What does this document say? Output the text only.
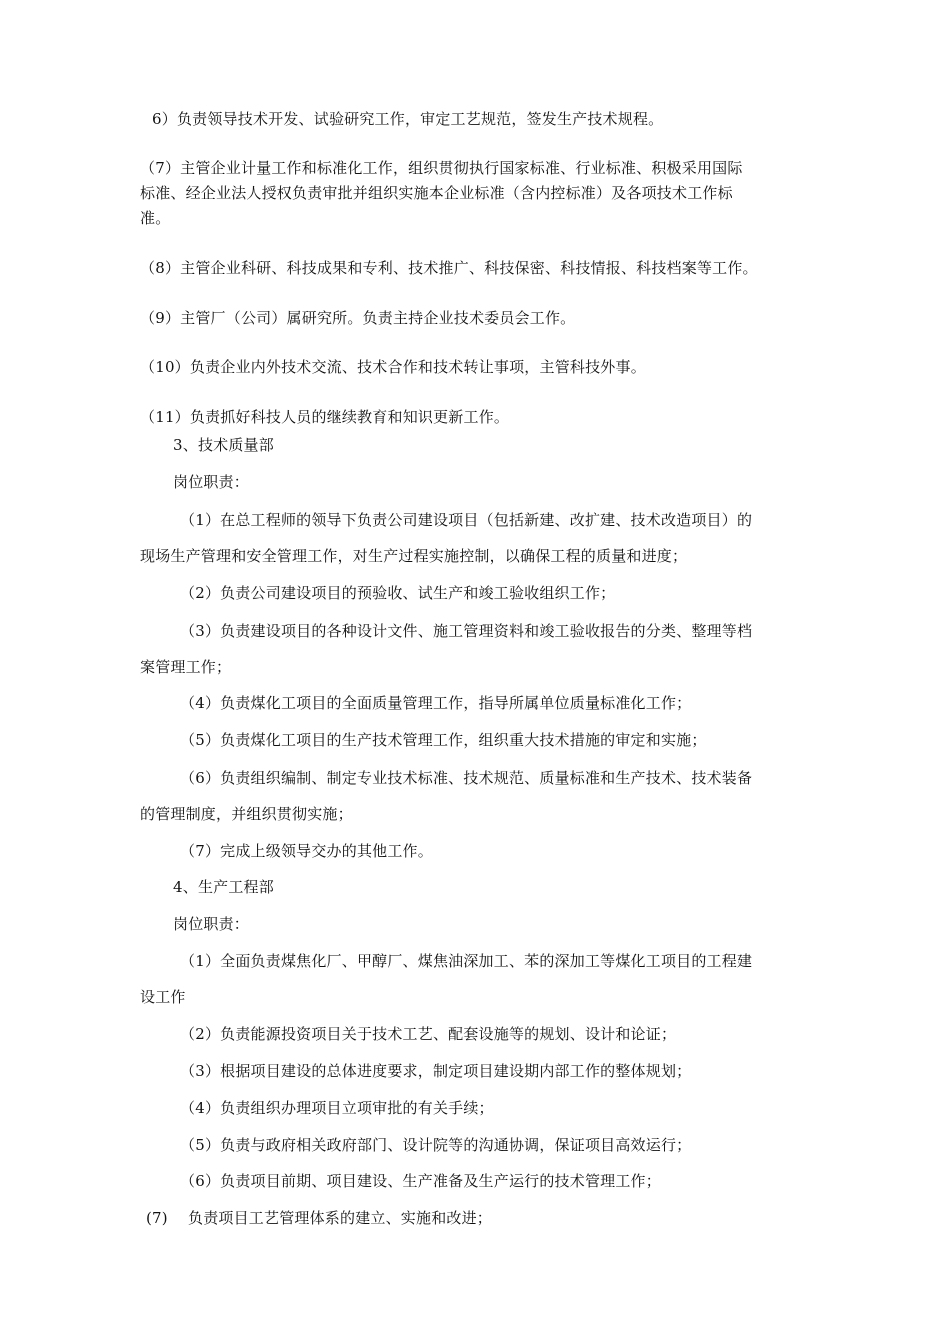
6）负责领导技术开发、试验研究工作，审定工艺规范，签发生产技术规程。
（7）主管企业计量工作和标准化工作，组织贯彻执行国家标准、行业标准、积极采用国际
标准、经企业法人授权负责审批并组织实施本企业标准（含内控标准）及各项技术工作标
准。
（8）主管企业科研、科技成果和专利、技术推广、科技保密、科技情报、科技档案等工作。
（9）主管厂（公司）属研究所。负责主持企业技术委员会工作。
（10）负责企业内外技术交流、技术合作和技术转让事项，主管科技外事。
（11）负责抓好科技人员的继续教育和知识更新工作。
3、技术质量部
岗位职责：
（1）在总工程师的领导下负责公司建设项目（包括新建、改扩建、技术改造项目）的
现场生产管理和安全管理工作，对生产过程实施控制，以确保工程的质量和进度；
（2）负责公司建设项目的预验收、试生产和竣工验收组织工作；
（3）负责建设项目的各种设计文件、施工管理资料和竣工验收报告的分类、整理等档
案管理工作；
（4）负责煤化工项目的全面质量管理工作，指导所属单位质量标准化工作；
（5）负责煤化工项目的生产技术管理工作，组织重大技术措施的审定和实施；
（6）负责组织编制、制定专业技术标准、技术规范、质量标准和生产技术、技术装备
的管理制度，并组织贯彻实施；
（7）完成上级领导交办的其他工作。
4、生产工程部
岗位职责：
（1）全面负责煤焦化厂、甲醇厂、煤焦油深加工、苯的深加工等煤化工项目的工程建
设工作
（2）负责能源投资项目关于技术工艺、配套设施等的规划、设计和论证；
（3）根据项目建设的总体进度要求，制定项目建设期内部工作的整体规划；
（4）负责组织办理项目立项审批的有关手续；
（5）负责与政府相关政府部门、设计院等的沟通协调，保证项目高效运行；
（6）负责项目前期、项目建设、生产准备及生产运行的技术管理工作；
(7) 负责项目工艺管理体系的建立、实施和改进；
